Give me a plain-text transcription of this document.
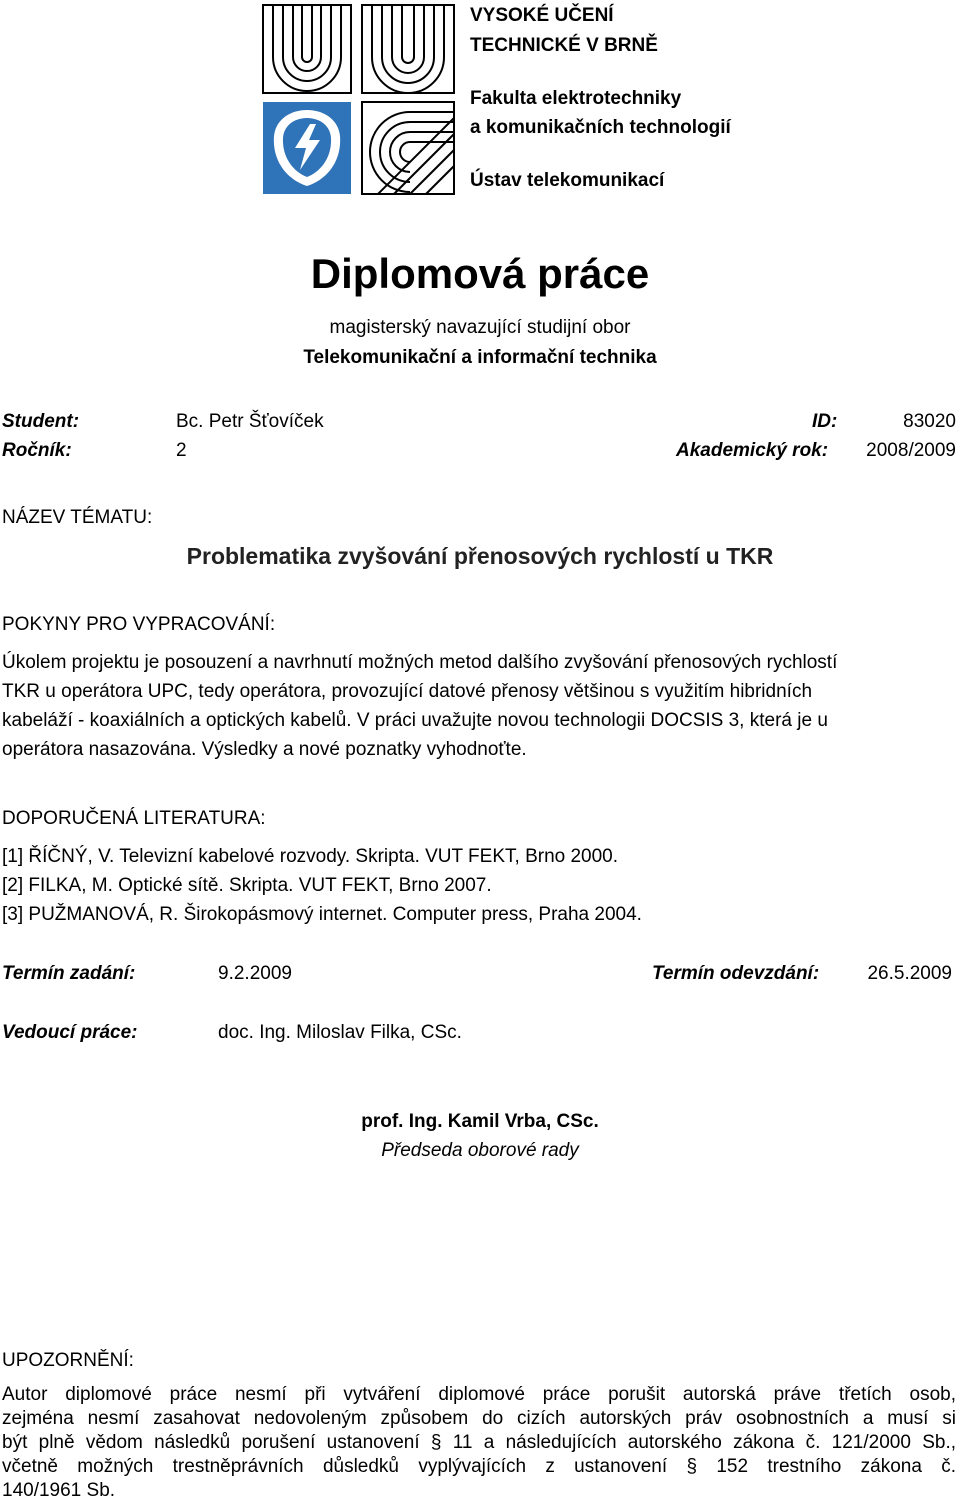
VYSOKÉ UČENÍ
TECHNICKÉ V BRNĚ
Fakulta elektrotechniky
a komunikačních technologií
Ústav telekomunikací
Diplomová práce
magisterský navazující studijní obor
Telekomunikační a informační technika
Student:	Bc. Petr Šťovíček	ID:	83020
Ročník:	2	Akademický rok: 2008/2009
NÁZEV TÉMATU:
Problematika zvyšování přenosových rychlostí u TKR
POKYNY PRO VYPRACOVÁNÍ:
Úkolem projektu je posouzení a navrhnutí možných metod dalšího zvyšování přenosových rychlostí
TKR u operátora UPC, tedy operátora, provozující datové přenosy většinou s využitím hibridních
kabeláží - koaxiálních a optických kabelů. V práci uvažujte novou technologii DOCSIS 3, která je u
operátora nasazována. Výsledky a nové poznatky vyhodnoťte.
DOPORUČENÁ LITERATURA:
[1] ŘÍČNÝ, V. Televizní kabelové rozvody. Skripta. VUT FEKT, Brno 2000.
[2] FILKA, M. Optické sítě. Skripta. VUT FEKT, Brno 2007.
[3] PUŽMANOVÁ, R. Širokopásmový internet. Computer press, Praha 2004.
Termín zadání:	9.2.2009	Termín odevzdání:	26.5.2009
Vedoucí práce:	doc. Ing. Miloslav Filka, CSc.
prof. Ing. Kamil Vrba, CSc.
Předseda oborové rady
UPOZORNĚNÍ:
Autor diplomové práce nesmí při vytváření diplomové práce porušit autorská práve třetích osob,
zejména nesmí zasahovat nedovoleným způsobem do cizích autorských práv osobnostních a musí si
být plně vědom následků porušení ustanovení § 11 a následujících autorského zákona č. 121/2000 Sb.,
včetně možných trestněprávních důsledků vyplývajících z ustanovení § 152 trestního zákona č.
140/1961 Sb.
